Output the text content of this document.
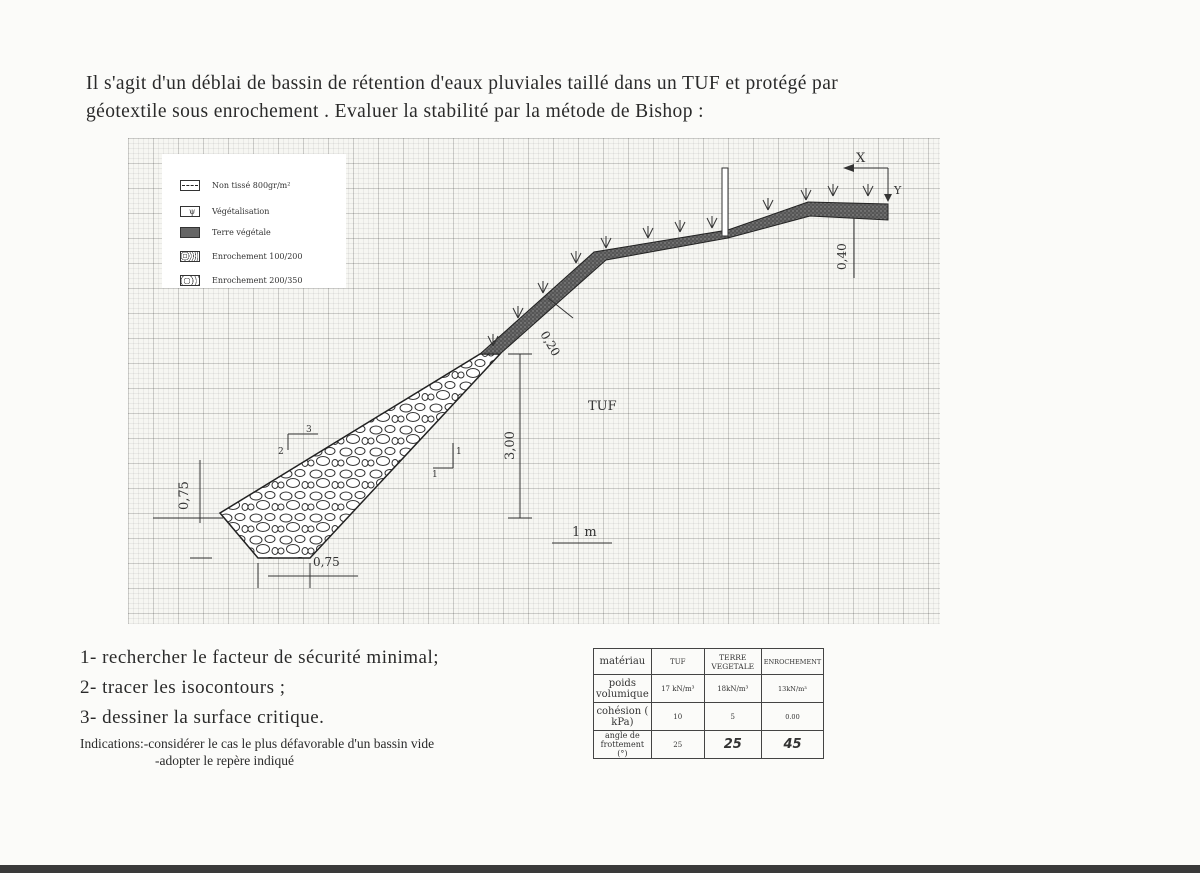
Il s'agit d'un déblai de bassin de rétention d'eaux pluviales taillé dans un TUF et protégé par
géotextile sous enrochement . Evaluer la stabilité par la métode de Bishop :

TUF
3,00
0,75
0,75
0,40
0,20
1 m
3
2	1
1
X
Y
Non tissé 800gr/m²
ψ Végétalisation
Terre végétale
Enrochement 100/200
Enrochement 200/350
1- rechercher le facteur de sécurité minimal;
2- tracer les isocontours ;
3- dessiner la surface critique.
Indications:-considérer le cas le plus défavorable d'un bassin vide
-adopter le repère indiqué
matériau	TUF	TERRE VEGETALE	ENROCHEMENT
poids volumique	17 kN/m³	18kN/m³	13kN/m³
cohésion ( kPa)	10	5	0.00
angle de frottement (°)	25	25	45
